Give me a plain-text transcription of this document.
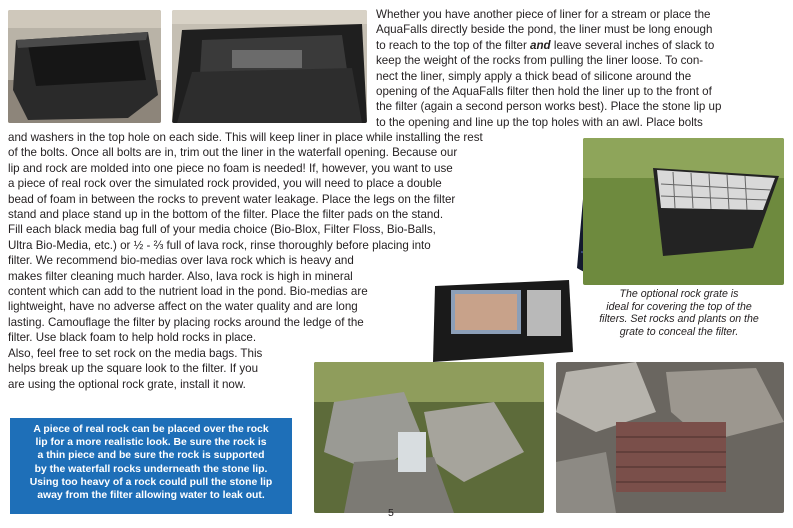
Whether you have another piece of liner for a stream or place the
AquaFalls directly beside the pond, the liner must be long enough
to reach to the top of the filter and leave several inches of slack to
keep the weight of the rocks from pulling the liner loose. To con-
nect the liner, simply apply a thick bead of silicone around the
opening of the AquaFalls filter then hold the liner up to the front of
the filter (again a second person works best). Place the stone lip up
to the opening and line up the top holes with an awl. Place bolts
and washers in the top hole on each side. This will keep liner in place while installing the rest
of the bolts. Once all bolts are in, trim out the liner in the waterfall opening. Because our
lip and rock are molded into one piece no foam is needed! If, however, you want to use
a piece of real rock over the simulated rock provided, you will need to place a double
bead of foam in between the rocks to prevent water leakage. Place the legs on the filter
stand and place stand up in the bottom of the filter. Place the filter pads on the stand.
Fill each black media bag full of your media choice (Bio-Blox, Filter Floss, Bio-Balls,
Ultra Bio-Media, etc.) or ½ - ⅔ full of lava rock, rinse thoroughly before placing into
filter. We recommend bio-medias over lava rock which is heavy and
makes filter cleaning much harder. Also, lava rock is high in mineral
content which can add to the nutrient load in the pond. Bio-medias are
lightweight, have no adverse affect on the water quality and are long
lasting. Camouflage the filter by placing rocks around the ledge of the
filter. Use black foam to help hold rocks in place.
Also, feel free to set rock on the media bags. This
helps break up the square look to the filter. If you
are using the optional rock grate, install it now.
The optional rock grate is
ideal for covering the top of the
filters. Set rocks and plants on the
grate to conceal the filter.
A piece of real rock can be placed over the rock
lip for a more realistic look. Be sure the rock is
a thin piece and be sure the rock is supported
by the waterfall rocks underneath the stone lip.
Using too heavy of a rock could pull the stone lip
away from the filter allowing water to leak out.
5
